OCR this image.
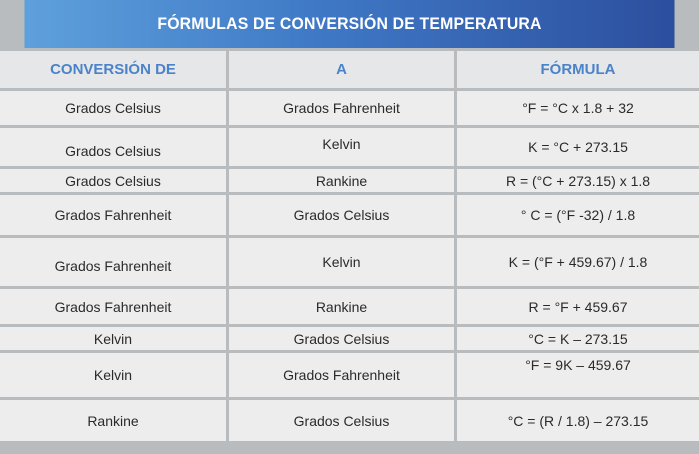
FÓRMULAS DE CONVERSIÓN DE TEMPERATURA
CONVERSIÓN DE	A	FÓRMULA
Grados Celsius	Grados Fahrenheit	°F = °C x 1.8 + 32
Grados Celsius	Kelvin	K = °C + 273.15
Grados Celsius	Rankine	R = (°C + 273.15) x 1.8
Grados Fahrenheit	Grados Celsius	° C = (°F -32) / 1.8
Grados Fahrenheit	Kelvin	K = (°F + 459.67) / 1.8
Grados Fahrenheit	Rankine	R = °F + 459.67
Kelvin	Grados Celsius	°C = K – 273.15
Kelvin	Grados Fahrenheit	°F = 9K – 459.67
Rankine	Grados Celsius	°C = (R / 1.8) – 273.15
